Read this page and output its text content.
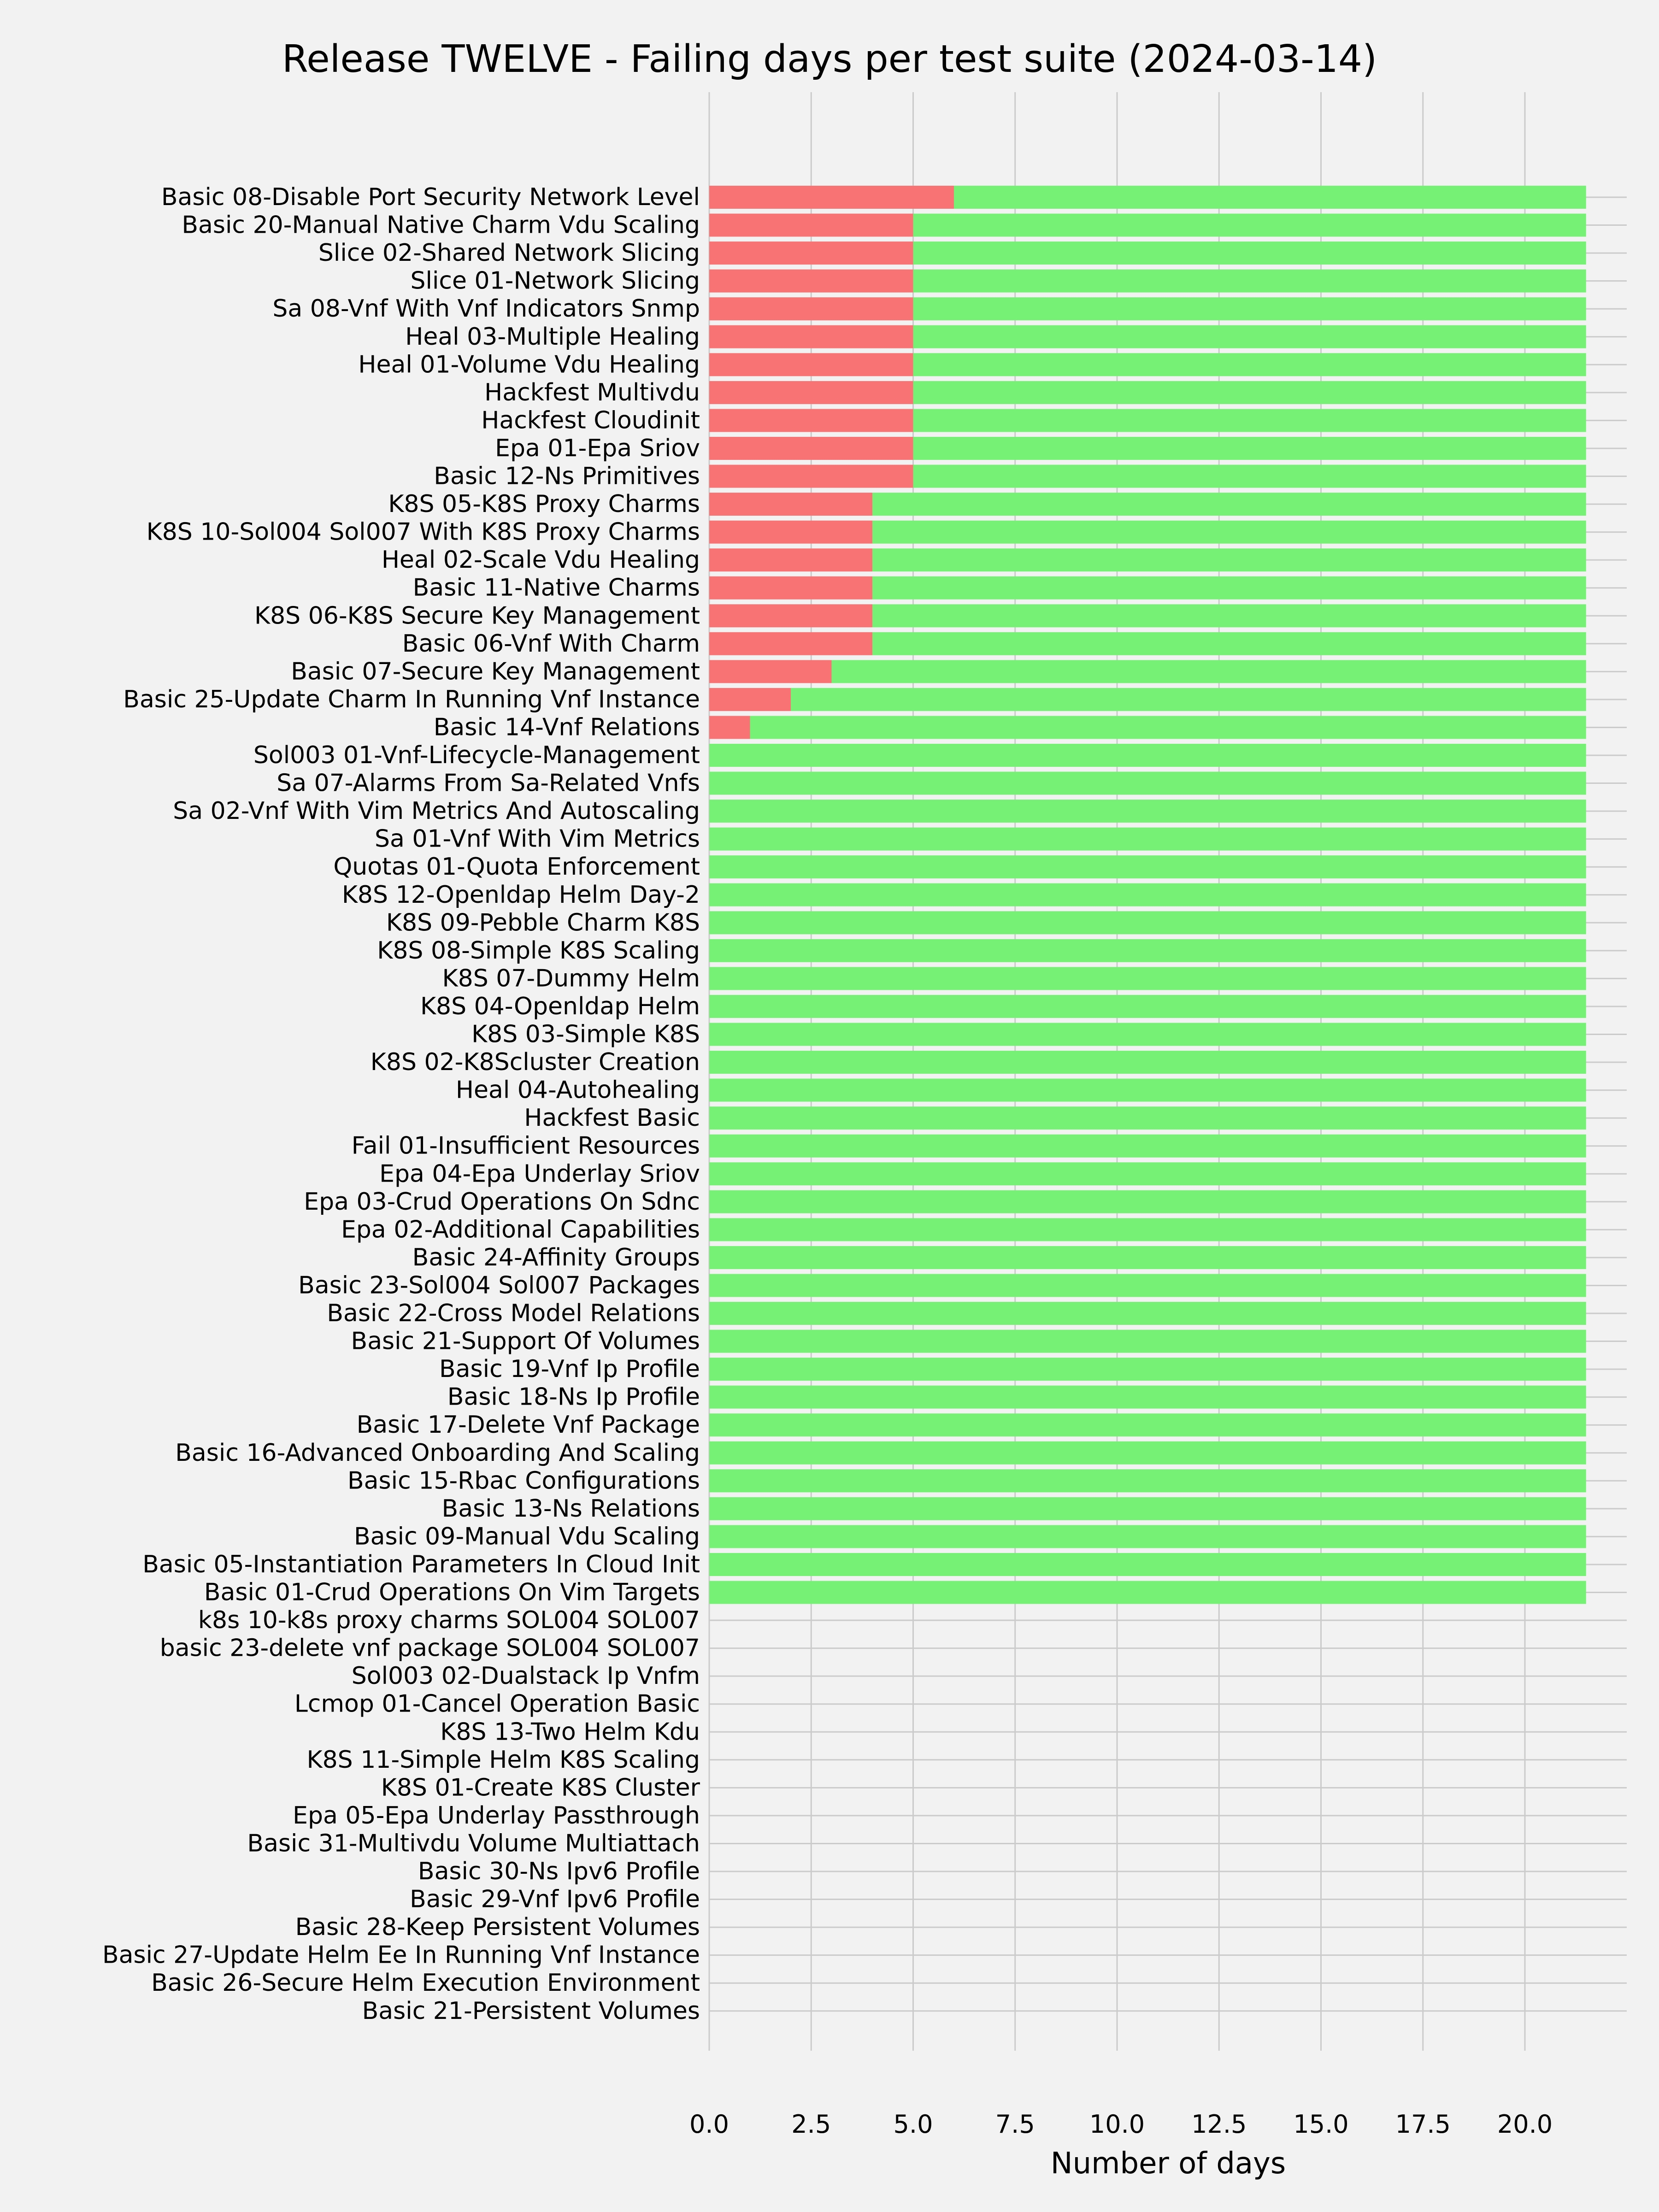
Basic 08-Disable Port Security Network Level
Basic 20-Manual Native Charm Vdu Scaling
Slice 02-Shared Network Slicing
Slice 01-Network Slicing
Sa 08-Vnf With Vnf Indicators Snmp
Heal 03-Multiple Healing
Heal 01-Volume Vdu Healing
Hackfest Multivdu
Hackfest Cloudinit
Epa 01-Epa Sriov
Basic 12-Ns Primitives
K8S 05-K8S Proxy Charms
K8S 10-Sol004 Sol007 With K8S Proxy Charms
Heal 02-Scale Vdu Healing
Basic 11-Native Charms
K8S 06-K8S Secure Key Management
Basic 06-Vnf With Charm
Basic 07-Secure Key Management
Basic 25-Update Charm In Running Vnf Instance
Basic 14-Vnf Relations
Sol003 01-Vnf-Lifecycle-Management
Sa 07-Alarms From Sa-Related Vnfs
Sa 02-Vnf With Vim Metrics And Autoscaling
Sa 01-Vnf With Vim Metrics
Quotas 01-Quota Enforcement
K8S 12-Openldap Helm Day-2
K8S 09-Pebble Charm K8S
K8S 08-Simple K8S Scaling
K8S 07-Dummy Helm
K8S 04-Openldap Helm
K8S 03-Simple K8S
K8S 02-K8Scluster Creation
Heal 04-Autohealing
Hackfest Basic
Fail 01-Insufficient Resources
Epa 04-Epa Underlay Sriov
Epa 03-Crud Operations On Sdnc
Epa 02-Additional Capabilities
Basic 24-Affinity Groups
Basic 23-Sol004 Sol007 Packages
Basic 22-Cross Model Relations
Basic 21-Support Of Volumes
Basic 19-Vnf Ip Profile
Basic 18-Ns Ip Profile
Basic 17-Delete Vnf Package
Basic 16-Advanced Onboarding And Scaling
Basic 15-Rbac Configurations
Basic 13-Ns Relations
Basic 09-Manual Vdu Scaling
Basic 05-Instantiation Parameters In Cloud Init
Basic 01-Crud Operations On Vim Targets
k8s 10-k8s proxy charms SOL004 SOL007
basic 23-delete vnf package SOL004 SOL007
Sol003 02-Dualstack Ip Vnfm
Lcmop 01-Cancel Operation Basic
K8S 13-Two Helm Kdu
K8S 11-Simple Helm K8S Scaling
K8S 01-Create K8S Cluster
Epa 05-Epa Underlay Passthrough
Basic 31-Multivdu Volume Multiattach
Basic 30-Ns Ipv6 Profile
Basic 29-Vnf Ipv6 Profile
Basic 28-Keep Persistent Volumes
Basic 27-Update Helm Ee In Running Vnf Instance
Basic 26-Secure Helm Execution Environment
Basic 21-Persistent Volumes
0.0	2.5	5.0	7.5 10.0 12.5 15.0 17.5 20.0
Release TWELVE - Failing days per test suite (2024-03-14)
Number of days
